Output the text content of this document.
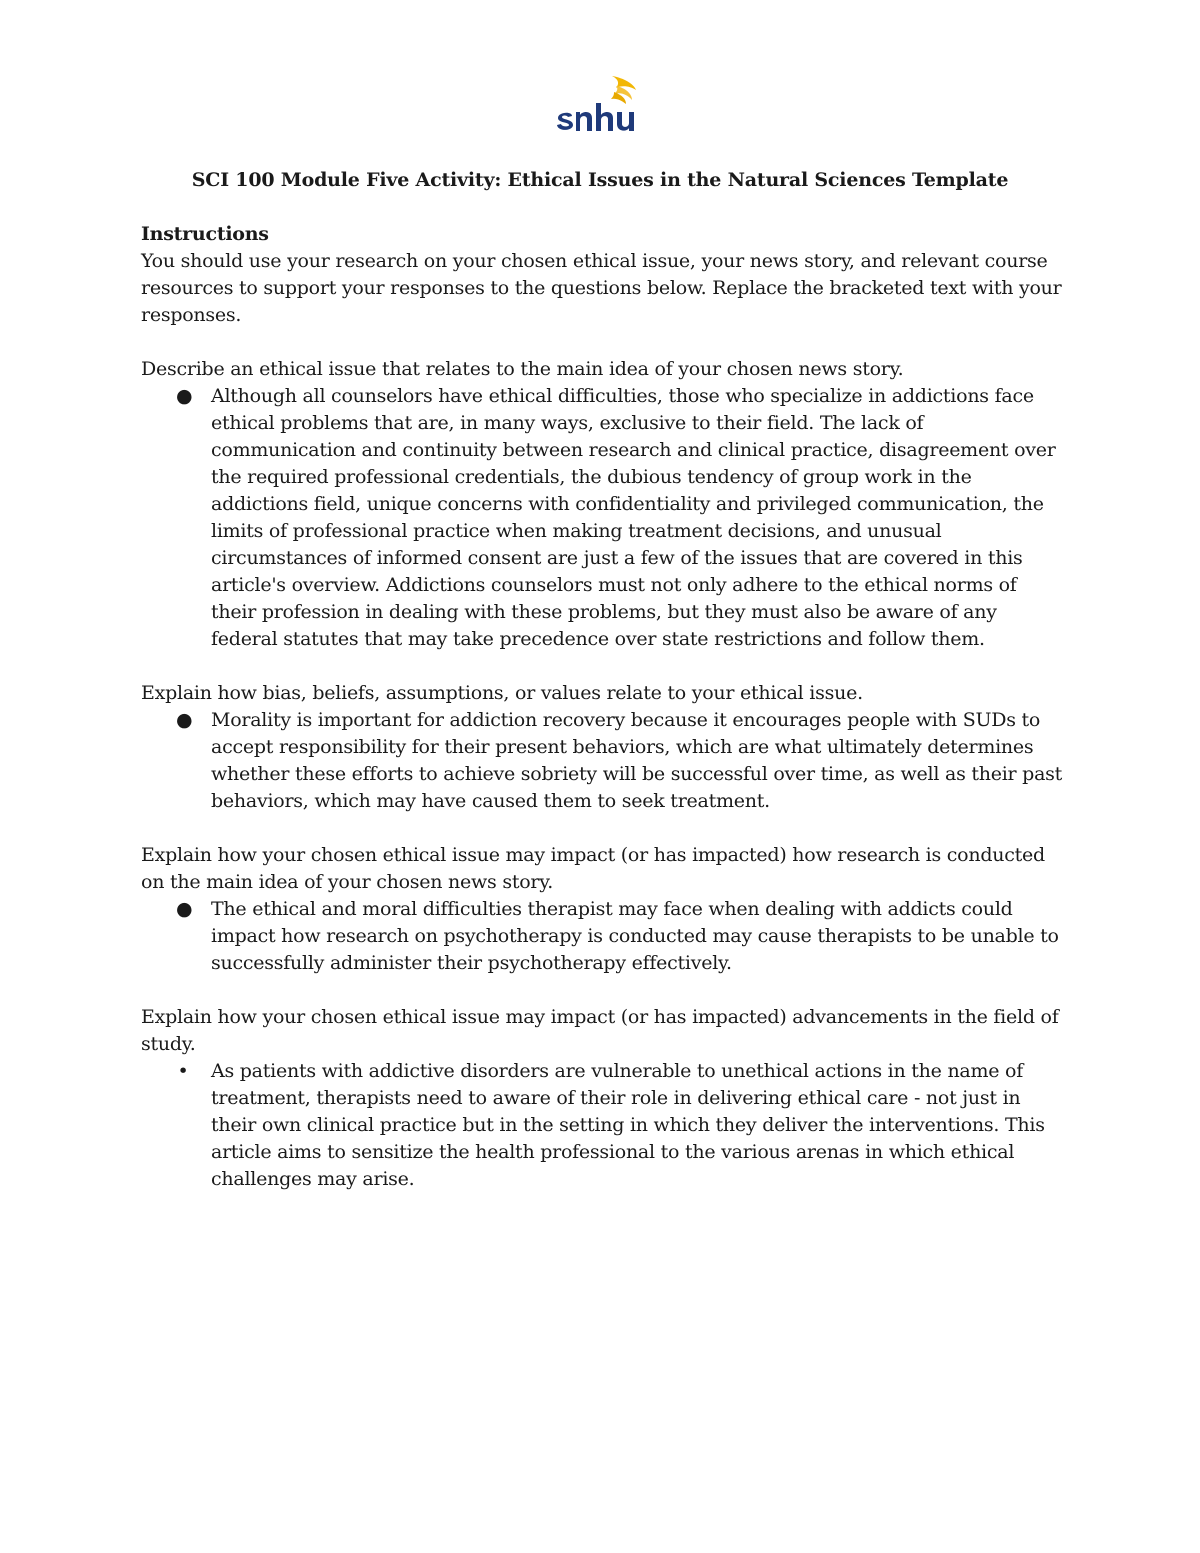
SCI 100 Module Five Activity: Ethical Issues in the Natural Sciences Template

Instructions

You should use your research on your chosen ethical issue, your news story, and relevant course resources to support your responses to the questions below. Replace the bracketed text with your responses.

Describe an ethical issue that relates to the main idea of your chosen news story.

● Although all counselors have ethical difficulties, those who specialize in addictions face ethical problems that are, in many ways, exclusive to their field. The lack of communication and continuity between research and clinical practice, disagreement over the required professional credentials, the dubious tendency of group work in the addictions field, unique concerns with confidentiality and privileged communication, the limits of professional practice when making treatment decisions, and unusual circumstances of informed consent are just a few of the issues that are covered in this article's overview. Addictions counselors must not only adhere to the ethical norms of their profession in dealing with these problems, but they must also be aware of any federal statutes that may take precedence over state restrictions and follow them.

Explain how bias, beliefs, assumptions, or values relate to your ethical issue.

● Morality is important for addiction recovery because it encourages people with SUDs to accept responsibility for their present behaviors, which are what ultimately determines whether these efforts to achieve sobriety will be successful over time, as well as their past behaviors, which may have caused them to seek treatment.

Explain how your chosen ethical issue may impact (or has impacted) how research is conducted on the main idea of your chosen news story.

● The ethical and moral difficulties therapist may face when dealing with addicts could impact how research on psychotherapy is conducted may cause therapists to be unable to successfully administer their psychotherapy effectively.

Explain how your chosen ethical issue may impact (or has impacted) advancements in the field of study.

• As patients with addictive disorders are vulnerable to unethical actions in the name of treatment, therapists need to aware of their role in delivering ethical care - not just in their own clinical practice but in the setting in which they deliver the interventions. This article aims to sensitize the health professional to the various arenas in which ethical challenges may arise.
